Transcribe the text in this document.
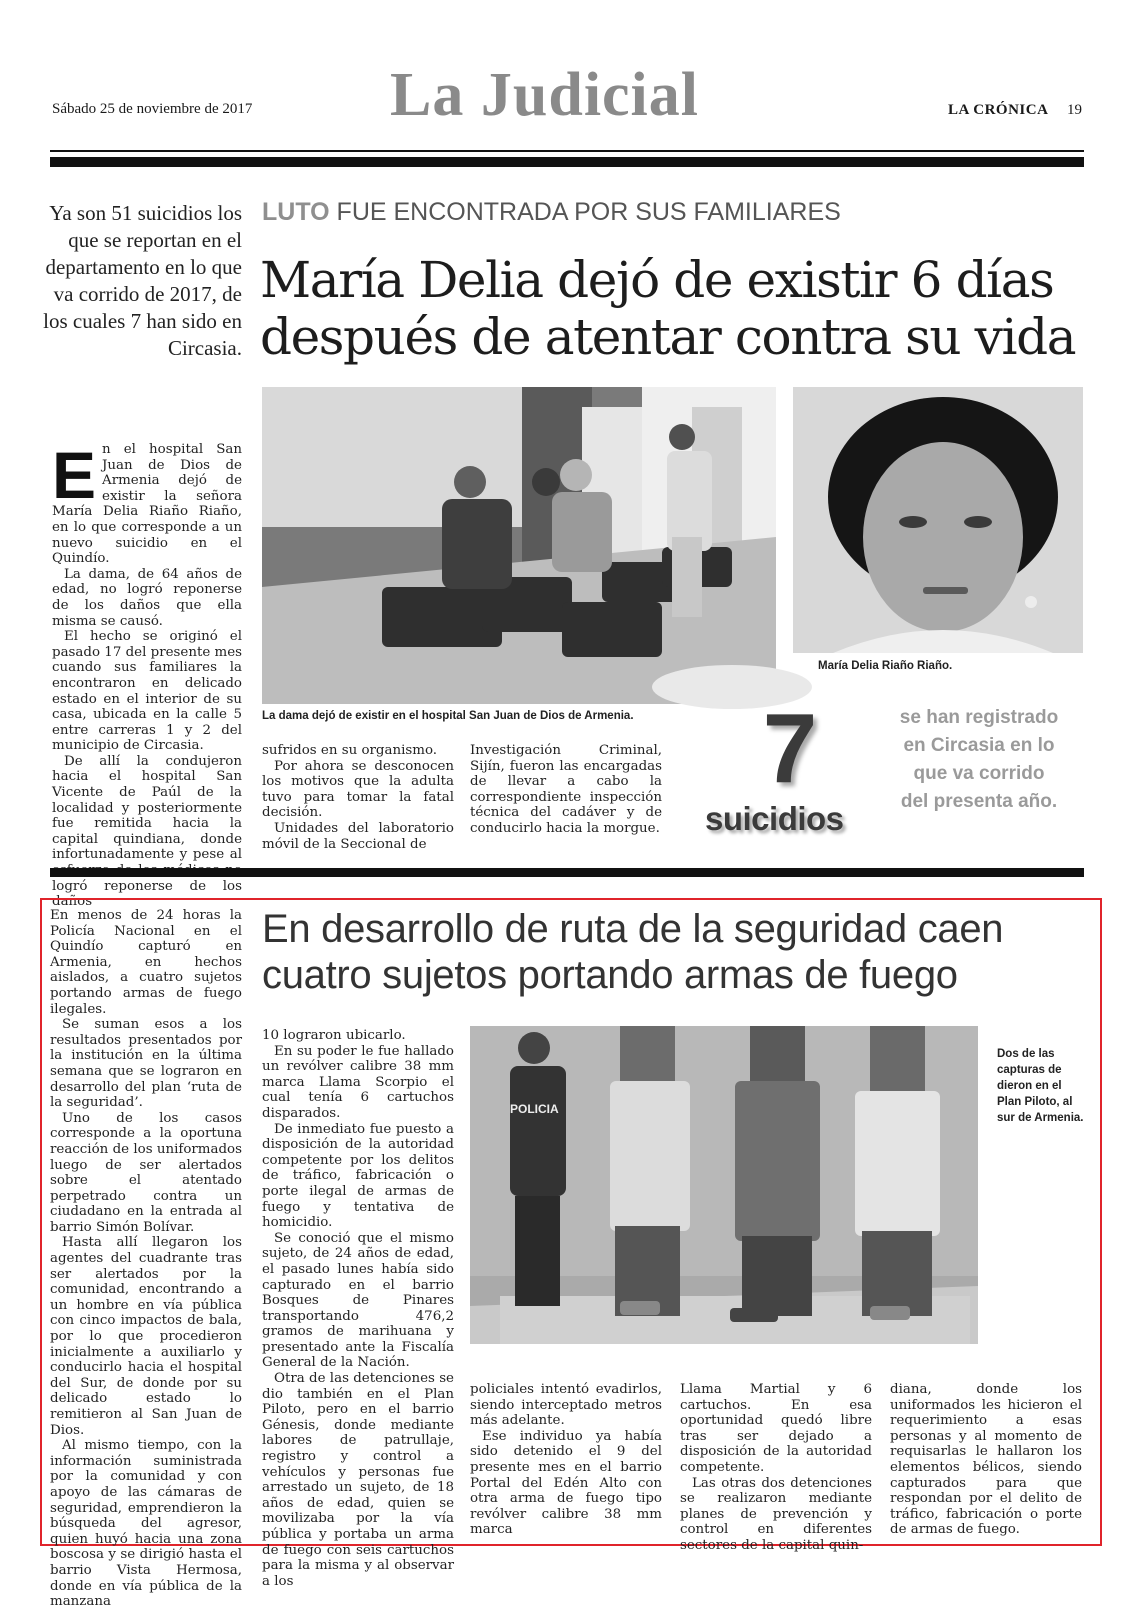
Sábado 25 de noviembre de 2017 La Judicial	LA CRÓNICA 19
Ya son 51 suicidios los que se reportan en el departamento en lo que va corrido de 2017, de los cuales 7 han sido en Circasia.
LUTO FUE ENCONTRADA POR SUS FAMILIARES
María Delia dejó de existir 6 días después de atentar contra su vida
E n el hospital San Juan de Dios de Armenia dejó de existir la señora María Delia Riaño Riaño, en lo que corresponde a un nuevo suicidio en el Quindío.

La dama, de 64 años de edad, no logró reponerse de los daños que ella misma se causó.

El hecho se originó el pasado 17 del presente mes cuando sus familiares la encontraron en delicado estado en el interior de su casa, ubicada en la calle 5 entre carreras 1 y 2 del municipio de Circasia.

De allí la condujeron hacia el hospital San Vicente de Paúl de la localidad y posteriormente fue remitida hacia la capital quindiana, donde infortunadamente y pese al logró reponerse de los daños

La dama dejó de existir en el hospital San Juan de Dios de Armenia.
María Delia Riaño Riaño.

sufridos en su organismo.

Por ahora se desconocen los motivos que la adulta tuvo para tomar la fatal decisión.

Unidades del laboratorio móvil de la Seccional de

Investigación Criminal, Sijín, fueron las encargadas de llevar a cabo la correspondiente inspección técnica del cadáver y de conducirlo hacia la morgue.

7
suicidios
se han registrado en Circasia en lo que va corrido del presenta año.
En desarrollo de ruta de la seguridad caen cuatro sujetos portando armas de fuego

En menos de 24 horas la Policía Nacional en el Quindío capturó en Armenia, en hechos aislados, a cuatro sujetos portando armas de fuego ilegales.

Se suman esos a los resultados presentados por la institución en la última semana que se lograron en desarrollo del plan ‘ruta de la seguridad’.

Uno de los casos corresponde a la oportuna reacción de los uniformados luego de ser alertados sobre el atentado perpetrado contra un ciudadano en la entrada al barrio Simón Bolívar.

Hasta allí llegaron los agentes del cuadrante tras ser alertados por la comunidad, encontrando a un hombre en vía pública con cinco impactos de bala, por lo que procedieron inicialmente a auxiliarlo y conducirlo hacia el hospital del Sur, de donde por su delicado estado lo remitieron al San Juan de Dios.

Al mismo tiempo, con la información suministrada por la comunidad y con apoyo de las cámaras de seguridad, emprendieron la búsqueda del agresor, quien huyó hacia una zona boscosa y se dirigió hasta el barrio Vista Hermosa, donde en vía pública de la manzana

10 lograron ubicarlo.

En su poder le fue hallado un revólver calibre 38 mm marca Llama Scorpio el cual tenía 6 cartuchos disparados.

De inmediato fue puesto a disposición de la autoridad competente por los delitos de tráfico, fabricación o porte ilegal de armas de fuego y tentativa de homicidio.

Se conoció que el mismo sujeto, de 24 años de edad, el pasado lunes había sido capturado en el barrio Bosques de Pinares transportando 476,2 gramos de marihuana y presentado ante la Fiscalía General de la Nación.

Otra de las detenciones se dio también en el Plan Piloto, pero en el barrio Génesis, donde mediante labores de patrullaje, registro y control a vehículos y personas fue arrestado un sujeto, de 18 años de edad, quien se movilizaba por la vía pública y portaba un arma de fuego con seis cartuchos para la misma y al observar a los

POLICIA
Dos de las capturas de dieron en el Plan Piloto, al sur de Armenia.

policiales intentó evadirlos, siendo interceptado metros más adelante.

Ese individuo ya había sido detenido el 9 del presente mes en el barrio Portal del Edén Alto con otra arma de fuego tipo revólver calibre 38 mm marca

Llama Martial y 6 cartuchos. En esa oportunidad quedó libre tras ser dejado a disposición de la autoridad competente.

Las otras dos detenciones se realizaron mediante planes de prevención y control en diferentes sectores de la capital quin-

diana, donde los uniformados les hicieron el requerimiento a esas personas y al momento de requisarlas le hallaron los elementos bélicos, siendo capturados para que respondan por el delito de tráfico, fabricación o porte de armas de fuego.
